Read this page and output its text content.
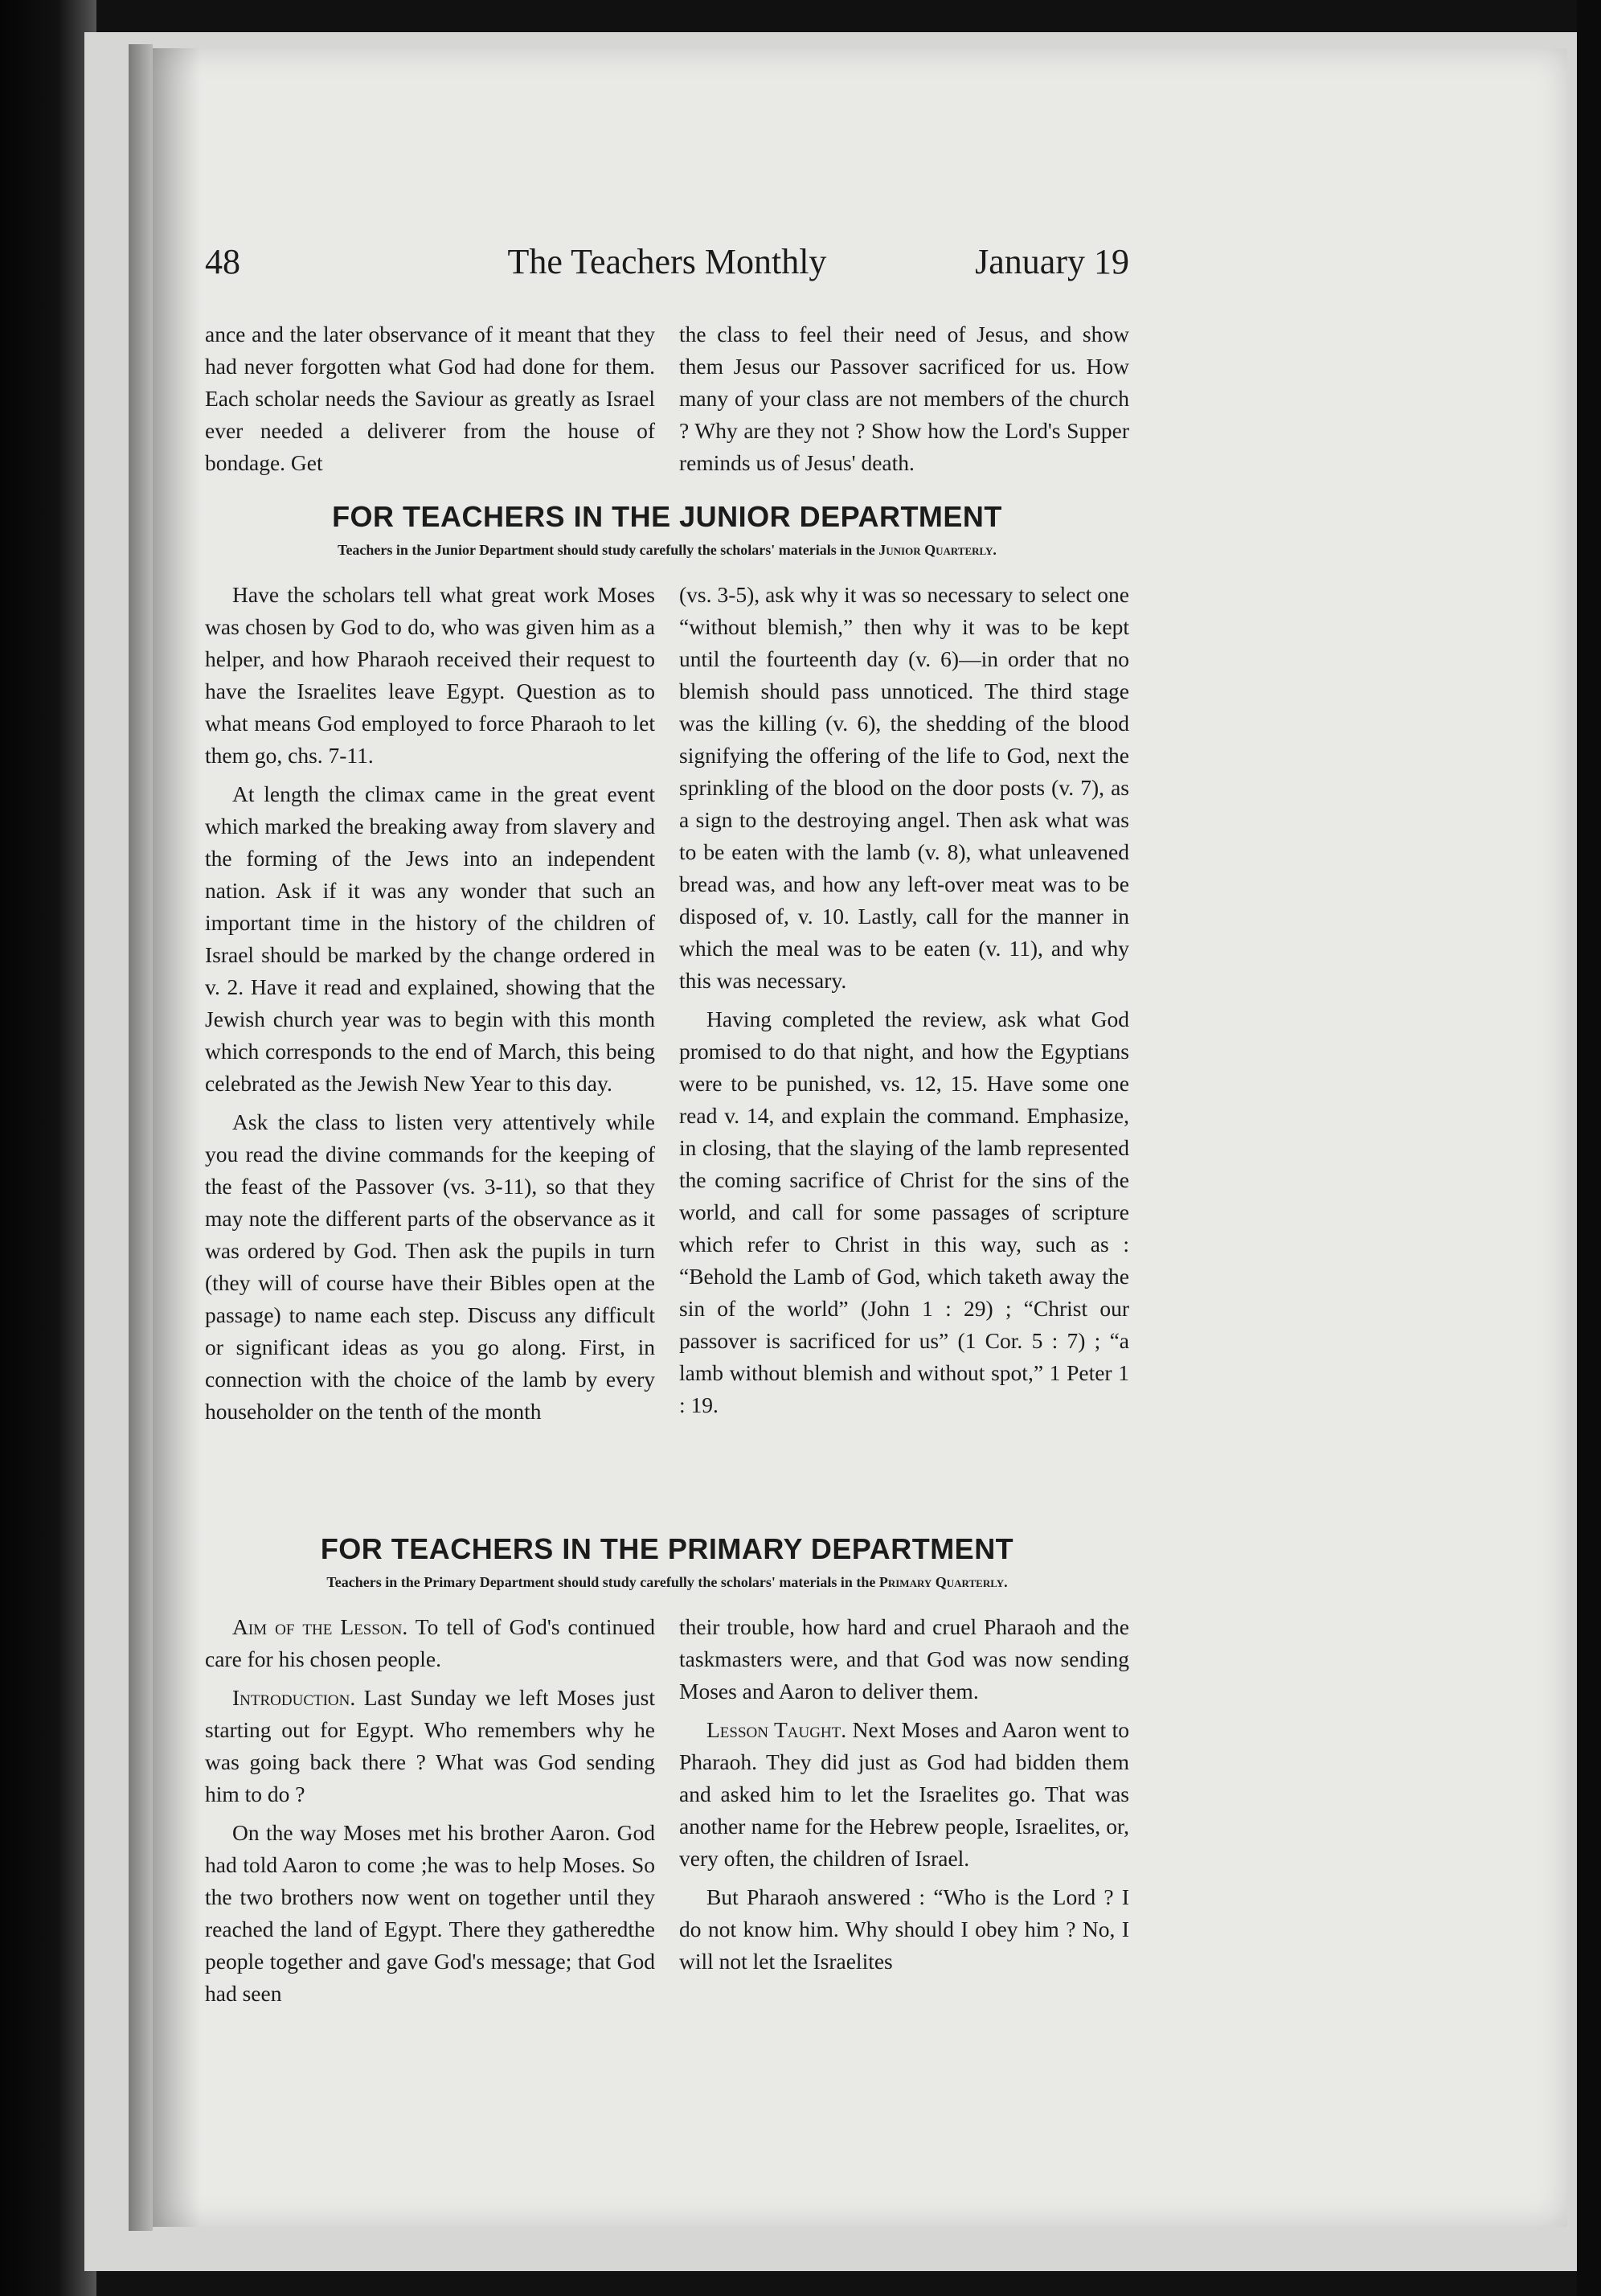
48	The Teachers Monthly	January 19

ance and the later observance of it meant that they had never forgotten what God had done for them. Each scholar needs the Saviour as greatly as Israel ever needed a deliverer from the house of bondage. Get

the class to feel their need of Jesus, and show them Jesus our Passover sacrificed for us. How many of your class are not members of the church ? Why are they not ? Show how the Lord's Supper reminds us of Jesus' death.

FOR TEACHERS IN THE JUNIOR DEPARTMENT
Teachers in the Junior Department should study carefully the scholars' materials in the Junior Quarterly.

Have the scholars tell what great work Moses was chosen by God to do, who was given him as a helper, and how Pharaoh received their request to have the Israelites leave Egypt. Question as to what means God employed to force Pharaoh to let them go, chs. 7-11.

At length the climax came in the great event which marked the breaking away from slavery and the forming of the Jews into an independent nation. Ask if it was any wonder that such an important time in the history of the children of Israel should be marked by the change ordered in v. 2. Have it read and explained, showing that the Jewish church year was to begin with this month which corresponds to the end of March, this being celebrated as the Jewish New Year to this day.

Ask the class to listen very attentively while you read the divine commands for the keeping of the feast of the Passover (vs. 3-11), so that they may note the different parts of the observance as it was ordered by God. Then ask the pupils in turn (they will of course have their Bibles open at the passage) to name each step. Discuss any difficult or significant ideas as you go along. First, in connection with the choice of the lamb by every householder on the tenth of the month

(vs. 3-5), ask why it was so necessary to select one “without blemish,” then why it was to be kept until the fourteenth day (v. 6)—in order that no blemish should pass unnoticed. The third stage was the killing (v. 6), the shedding of the blood signifying the offering of the life to God, next the sprinkling of the blood on the door posts (v. 7), as a sign to the destroying angel. Then ask what was to be eaten with the lamb (v. 8), what unleavened bread was, and how any left-over meat was to be disposed of, v. 10. Lastly, call for the manner in which the meal was to be eaten (v. 11), and why this was necessary.

Having completed the review, ask what God promised to do that night, and how the Egyptians were to be punished, vs. 12, 15. Have some one read v. 14, and explain the command. Emphasize, in closing, that the slaying of the lamb represented the coming sacrifice of Christ for the sins of the world, and call for some passages of scripture which refer to Christ in this way, such as : “Behold the Lamb of God, which taketh away the sin of the world” (John 1 : 29) ; “Christ our passover is sacrificed for us” (1 Cor. 5 : 7) ; “a lamb without blemish and without spot,” 1 Peter 1 : 19.

FOR TEACHERS IN THE PRIMARY DEPARTMENT
Teachers in the Primary Department should study carefully the scholars' materials in the Primary Quarterly.

Aim of the Lesson. To tell of God's continued care for his chosen people.

Introduction. Last Sunday we left Moses just starting out for Egypt. Who remembers why he was going back there ? What was God sending him to do ?

On the way Moses met his brother Aaron. God had told Aaron to come ;he was to help Moses. So the two brothers now went on together until they reached the land of Egypt. There they gatheredthe people together and gave God's message; that God had seen

their trouble, how hard and cruel Pharaoh and the taskmasters were, and that God was now sending Moses and Aaron to deliver them.

Lesson Taught. Next Moses and Aaron went to Pharaoh. They did just as God had bidden them and asked him to let the Israelites go. That was another name for the Hebrew people, Israelites, or, very often, the children of Israel.

But Pharaoh answered : “Who is the Lord ? I do not know him. Why should I obey him ? No, I will not let the Israelites
